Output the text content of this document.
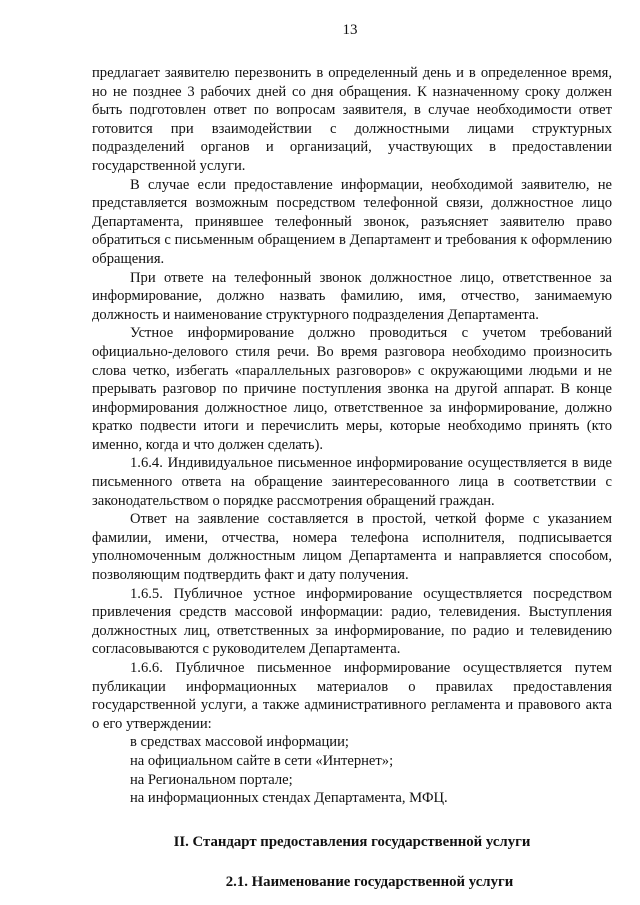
13

предлагает заявителю перезвонить в определенный день и в определенное время, но не позднее 3 рабочих дней со дня обращения. К назначенному сроку должен быть подготовлен ответ по вопросам заявителя, в случае необходимости ответ готовится при взаимодействии с должностными лицами структурных подразделений органов и организаций, участвующих в предоставлении государственной услуги.

В случае если предоставление информации, необходимой заявителю, не представляется возможным посредством телефонной связи, должностное лицо Департамента, принявшее телефонный звонок, разъясняет заявителю право обратиться с письменным обращением в Департамент и требования к оформлению обращения.

При ответе на телефонный звонок должностное лицо, ответственное за информирование, должно назвать фамилию, имя, отчество, занимаемую должность и наименование структурного подразделения Департамента.

Устное информирование должно проводиться с учетом требований официально-делового стиля речи. Во время разговора необходимо произносить слова четко, избегать «параллельных разговоров» с окружающими людьми и не прерывать разговор по причине поступления звонка на другой аппарат. В конце информирования должностное лицо, ответственное за информирование, должно кратко подвести итоги и перечислить меры, которые необходимо принять (кто именно, когда и что должен сделать).

1.6.4. Индивидуальное письменное информирование осуществляется в виде письменного ответа на обращение заинтересованного лица в соответствии с законодательством о порядке рассмотрения обращений граждан.

Ответ на заявление составляется в простой, четкой форме с указанием фамилии, имени, отчества, номера телефона исполнителя, подписывается уполномоченным должностным лицом Департамента и направляется способом, позволяющим подтвердить факт и дату получения.

1.6.5. Публичное устное информирование осуществляется посредством привлечения средств массовой информации: радио, телевидения. Выступления должностных лиц, ответственных за информирование, по радио и телевидению согласовываются с руководителем Департамента.

1.6.6. Публичное письменное информирование осуществляется путем публикации информационных материалов о правилах предоставления государственной услуги, а также административного регламента и правового акта о его утверждении:

в средствах массовой информации;

на официальном сайте в сети «Интернет»;

на Региональном портале;

на информационных стендах Департамента, МФЦ.

II. Стандарт предоставления государственной услуги
2.1. Наименование государственной услуги
